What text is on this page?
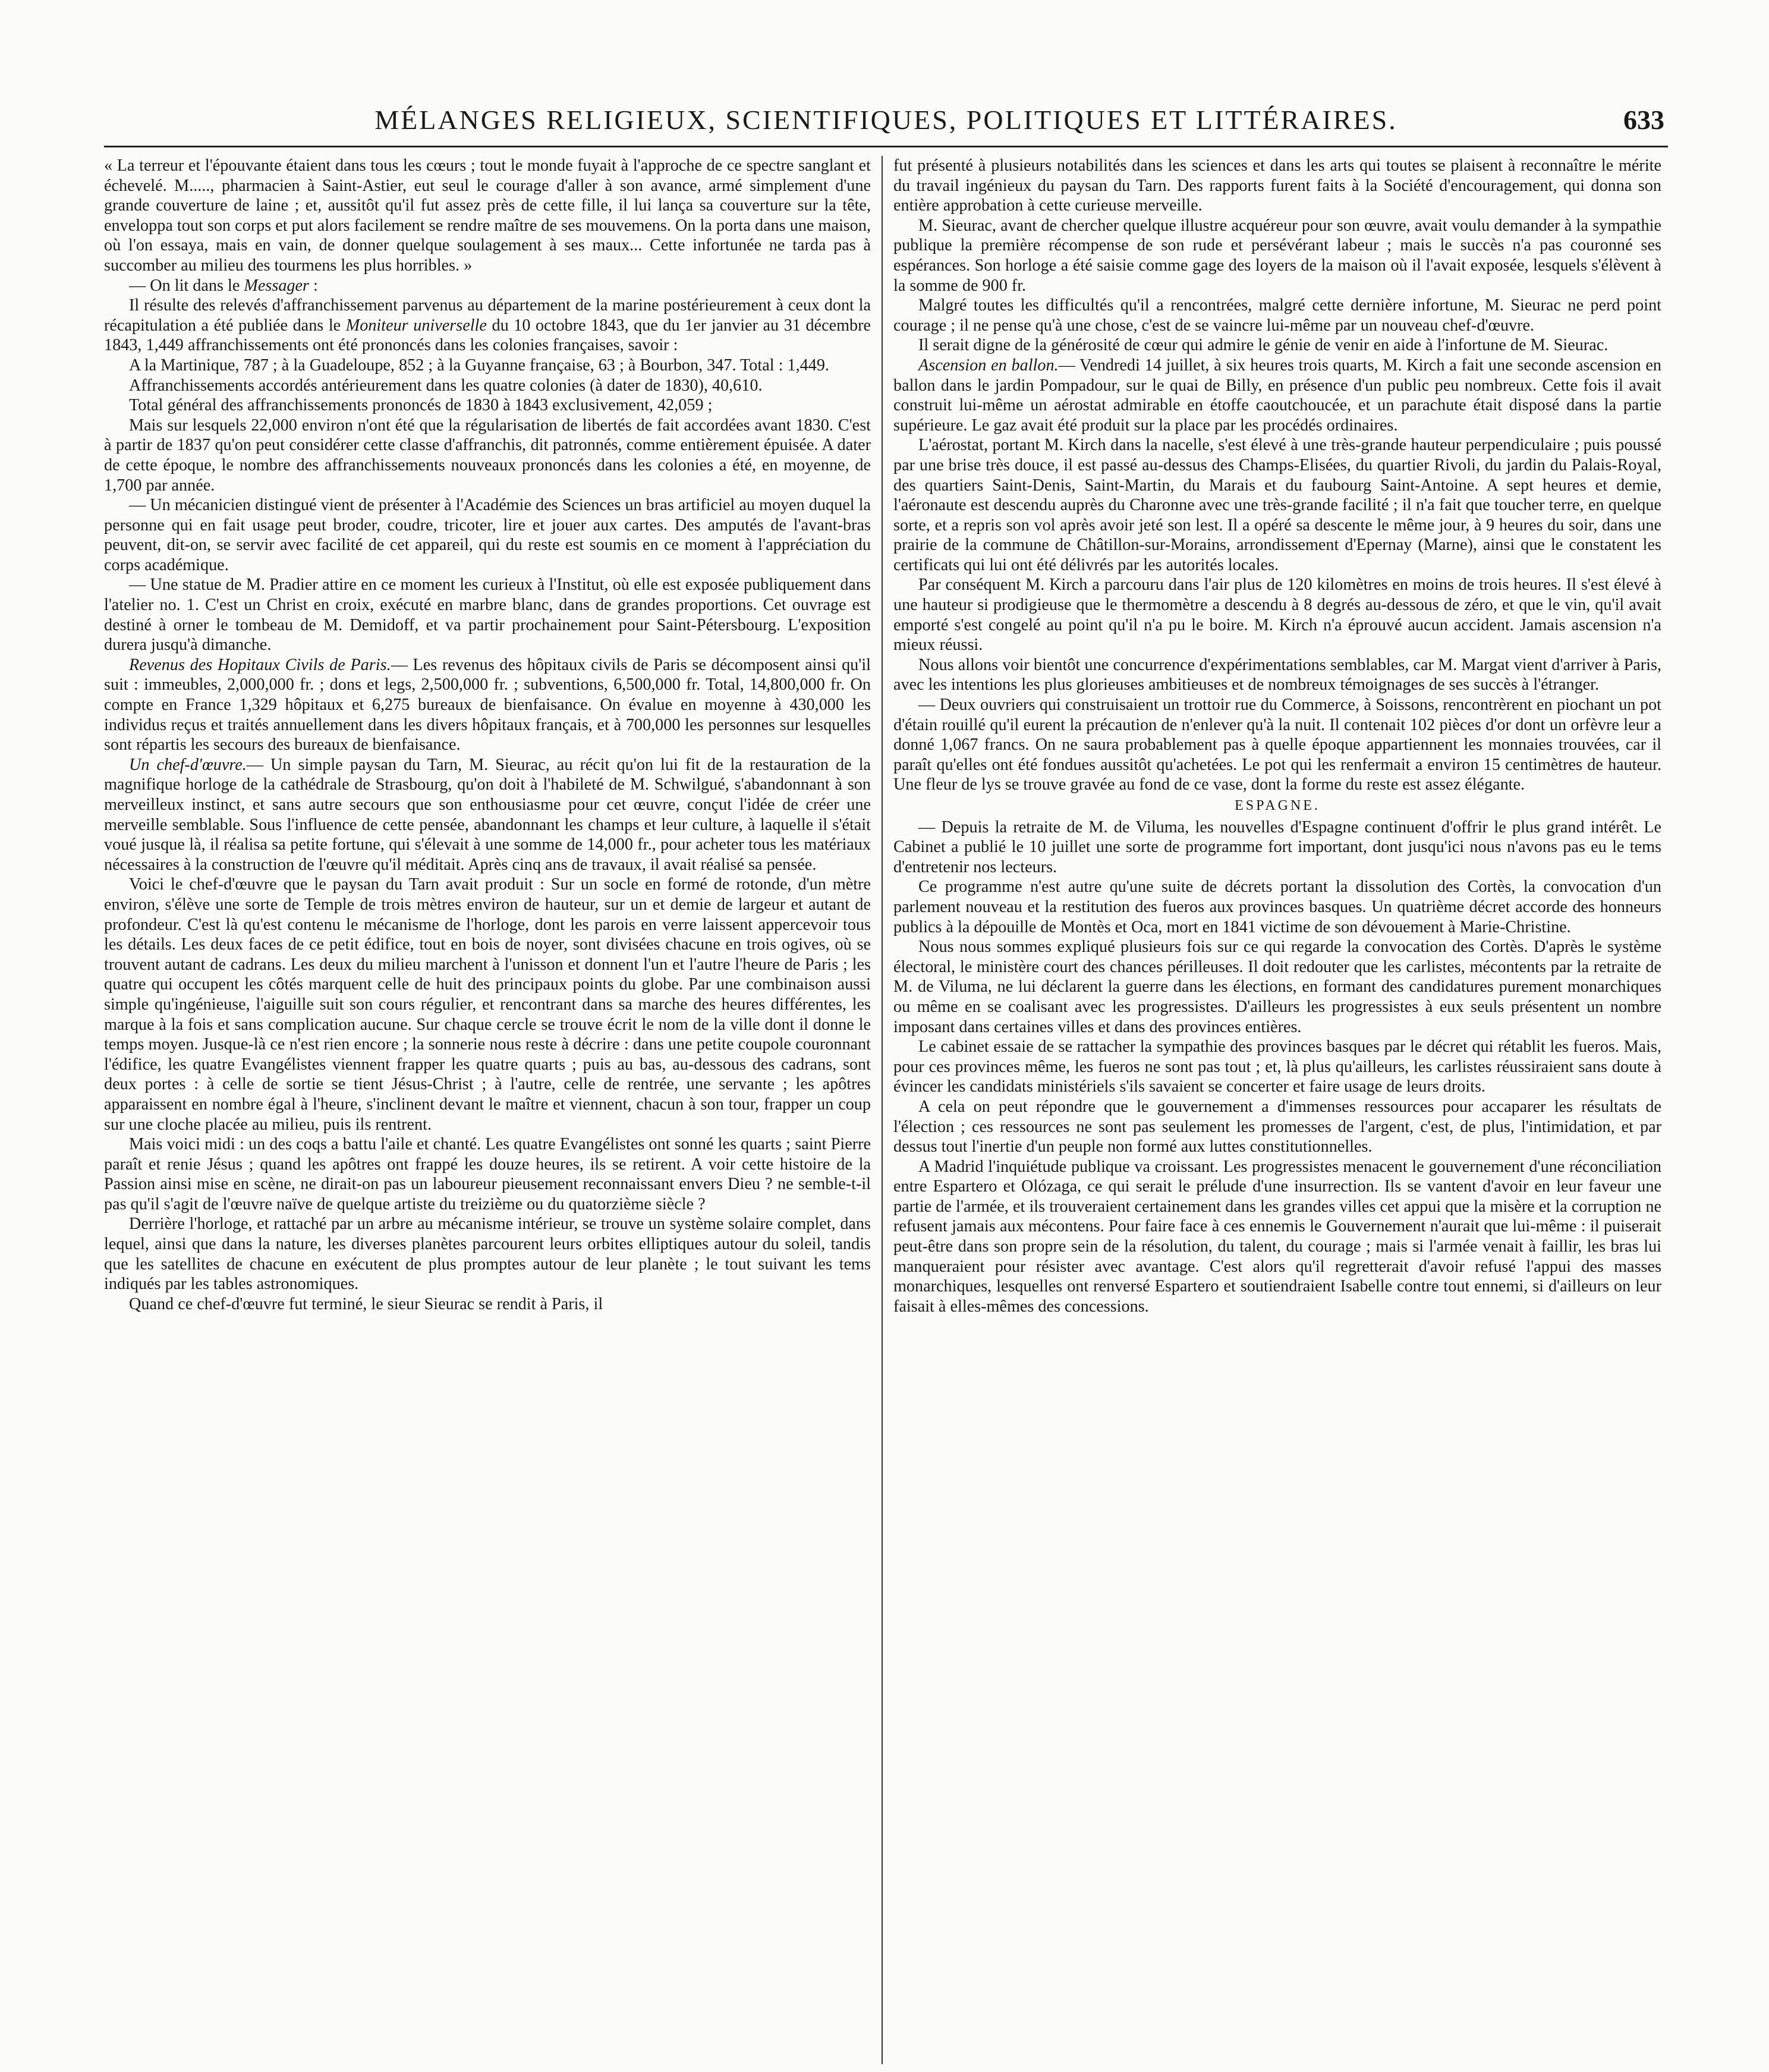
MÉLANGES RELIGIEUX, SCIENTIFIQUES, POLITIQUES ET LITTÉRAIRES.	633

« La terreur et l'épouvante étaient dans tous les cœurs ; tout le monde fuyait à l'approche de ce spectre sanglant et échevelé. M....., pharmacien à Saint-Astier, eut seul le courage d'aller à son avance, armé simplement d'une grande couverture de laine ; et, aussitôt qu'il fut assez près de cette fille, il lui lança sa couverture sur la tête, enveloppa tout son corps et put alors facilement se rendre maître de ses mouvemens. On la porta dans une maison, où l'on essaya, mais en vain, de donner quelque soulagement à ses maux... Cette infortunée ne tarda pas à succomber au milieu des tourmens les plus horribles. »

— On lit dans le Messager :

Il résulte des relevés d'affranchissement parvenus au département de la marine postérieurement à ceux dont la récapitulation a été publiée dans le Moniteur universelle du 10 octobre 1843, que du 1er janvier au 31 décembre 1843, 1,449 affranchissements ont été prononcés dans les colonies françaises, savoir :

A la Martinique, 787 ; à la Guadeloupe, 852 ; à la Guyanne française, 63 ; à Bourbon, 347. Total : 1,449.

Affranchissements accordés antérieurement dans les quatre colonies (à dater de 1830), 40,610.

Total général des affranchissements prononcés de 1830 à 1843 exclusivement, 42,059 ;

Mais sur lesquels 22,000 environ n'ont été que la régularisation de libertés de fait accordées avant 1830. C'est à partir de 1837 qu'on peut considérer cette classe d'affranchis, dit patronnés, comme entièrement épuisée. A dater de cette époque, le nombre des affranchissements nouveaux prononcés dans les colonies a été, en moyenne, de 1,700 par année.

— Un mécanicien distingué vient de présenter à l'Académie des Sciences un bras artificiel au moyen duquel la personne qui en fait usage peut broder, coudre, tricoter, lire et jouer aux cartes. Des amputés de l'avant-bras peuvent, dit-on, se servir avec facilité de cet appareil, qui du reste est soumis en ce moment à l'appréciation du corps académique.

— Une statue de M. Pradier attire en ce moment les curieux à l'Institut, où elle est exposée publiquement dans l'atelier no. 1. C'est un Christ en croix, exécuté en marbre blanc, dans de grandes proportions. Cet ouvrage est destiné à orner le tombeau de M. Demidoff, et va partir prochainement pour Saint-Pétersbourg. L'exposition durera jusqu'à dimanche.

Revenus des Hopitaux Civils de Paris.— Les revenus des hôpitaux civils de Paris se décomposent ainsi qu'il suit : immeubles, 2,000,000 fr. ; dons et legs, 2,500,000 fr. ; subventions, 6,500,000 fr. Total, 14,800,000 fr. On compte en France 1,329 hôpitaux et 6,275 bureaux de bienfaisance. On évalue en moyenne à 430,000 les individus reçus et traités annuellement dans les divers hôpitaux français, et à 700,000 les personnes sur lesquelles sont répartis les secours des bureaux de bienfaisance.

Un chef-d'œuvre.— Un simple paysan du Tarn, M. Sieurac, au récit qu'on lui fit de la restauration de la magnifique horloge de la cathédrale de Strasbourg, qu'on doit à l'habileté de M. Schwilgué, s'abandonnant à son merveilleux instinct, et sans autre secours que son enthousiasme pour cet œuvre, conçut l'idée de créer une merveille semblable. Sous l'influence de cette pensée, abandonnant les champs et leur culture, à laquelle il s'était voué jusque là, il réalisa sa petite fortune, qui s'élevait à une somme de 14,000 fr., pour acheter tous les matériaux nécessaires à la construction de l'œuvre qu'il méditait. Après cinq ans de travaux, il avait réalisé sa pensée.

Voici le chef-d'œuvre que le paysan du Tarn avait produit : Sur un socle en formé de rotonde, d'un mètre environ, s'élève une sorte de Temple de trois mètres environ de hauteur, sur un et demie de largeur et autant de profondeur. C'est là qu'est contenu le mécanisme de l'horloge, dont les parois en verre laissent appercevoir tous les détails. Les deux faces de ce petit édifice, tout en bois de noyer, sont divisées chacune en trois ogives, où se trouvent autant de cadrans. Les deux du milieu marchent à l'unisson et donnent l'un et l'autre l'heure de Paris ; les quatre qui occupent les côtés marquent celle de huit des principaux points du globe. Par une combinaison aussi simple qu'ingénieuse, l'aiguille suit son cours régulier, et rencontrant dans sa marche des heures différentes, les marque à la fois et sans complication aucune. Sur chaque cercle se trouve écrit le nom de la ville dont il donne le temps moyen. Jusque-là ce n'est rien encore ; la sonnerie nous reste à décrire : dans une petite coupole couronnant l'édifice, les quatre Evangélistes viennent frapper les quatre quarts ; puis au bas, au-dessous des cadrans, sont deux portes : à celle de sortie se tient Jésus-Christ ; à l'autre, celle de rentrée, une servante ; les apôtres apparaissent en nombre égal à l'heure, s'inclinent devant le maître et viennent, chacun à son tour, frapper un coup sur une cloche placée au milieu, puis ils rentrent.

Mais voici midi : un des coqs a battu l'aile et chanté. Les quatre Evangélistes ont sonné les quarts ; saint Pierre paraît et renie Jésus ; quand les apôtres ont frappé les douze heures, ils se retirent. A voir cette histoire de la Passion ainsi mise en scène, ne dirait-on pas un laboureur pieusement reconnaissant envers Dieu ? ne semble-t-il pas qu'il s'agit de l'œuvre naïve de quelque artiste du treizième ou du quatorzième siècle ?

Derrière l'horloge, et rattaché par un arbre au mécanisme intérieur, se trouve un système solaire complet, dans lequel, ainsi que dans la nature, les diverses planètes parcourent leurs orbites elliptiques autour du soleil, tandis que les satellites de chacune en exécutent de plus promptes autour de leur planète ; le tout suivant les tems indiqués par les tables astronomiques.

Quand ce chef-d'œuvre fut terminé, le sieur Sieurac se rendit à Paris, il

fut présenté à plusieurs notabilités dans les sciences et dans les arts qui toutes se plaisent à reconnaître le mérite du travail ingénieux du paysan du Tarn. Des rapports furent faits à la Société d'encouragement, qui donna son entière approbation à cette curieuse merveille.

M. Sieurac, avant de chercher quelque illustre acquéreur pour son œuvre, avait voulu demander à la sympathie publique la première récompense de son rude et persévérant labeur ; mais le succès n'a pas couronné ses espérances. Son horloge a été saisie comme gage des loyers de la maison où il l'avait exposée, lesquels s'élèvent à la somme de 900 fr.

Malgré toutes les difficultés qu'il a rencontrées, malgré cette dernière infortune, M. Sieurac ne perd point courage ; il ne pense qu'à une chose, c'est de se vaincre lui-même par un nouveau chef-d'œuvre.

Il serait digne de la générosité de cœur qui admire le génie de venir en aide à l'infortune de M. Sieurac.

Ascension en ballon.— Vendredi 14 juillet, à six heures trois quarts, M. Kirch a fait une seconde ascension en ballon dans le jardin Pompadour, sur le quai de Billy, en présence d'un public peu nombreux. Cette fois il avait construit lui-même un aérostat admirable en étoffe caoutchoucée, et un parachute était disposé dans la partie supérieure. Le gaz avait été produit sur la place par les procédés ordinaires.

L'aérostat, portant M. Kirch dans la nacelle, s'est élevé à une très-grande hauteur perpendiculaire ; puis poussé par une brise très douce, il est passé au-dessus des Champs-Elisées, du quartier Rivoli, du jardin du Palais-Royal, des quartiers Saint-Denis, Saint-Martin, du Marais et du faubourg Saint-Antoine. A sept heures et demie, l'aéronaute est descendu auprès du Charonne avec une très-grande facilité ; il n'a fait que toucher terre, en quelque sorte, et a repris son vol après avoir jeté son lest. Il a opéré sa descente le même jour, à 9 heures du soir, dans une prairie de la commune de Châtillon-sur-Morains, arrondissement d'Epernay (Marne), ainsi que le constatent les certificats qui lui ont été délivrés par les autorités locales.

Par conséquent M. Kirch a parcouru dans l'air plus de 120 kilomètres en moins de trois heures. Il s'est élevé à une hauteur si prodigieuse que le thermomètre a descendu à 8 degrés au-dessous de zéro, et que le vin, qu'il avait emporté s'est congelé au point qu'il n'a pu le boire. M. Kirch n'a éprouvé aucun accident. Jamais ascension n'a mieux réussi.

Nous allons voir bientôt une concurrence d'expérimentations semblables, car M. Margat vient d'arriver à Paris, avec les intentions les plus glorieuses ambitieuses et de nombreux témoignages de ses succès à l'étranger.

— Deux ouvriers qui construisaient un trottoir rue du Commerce, à Soissons, rencontrèrent en piochant un pot d'étain rouillé qu'il eurent la précaution de n'enlever qu'à la nuit. Il contenait 102 pièces d'or dont un orfèvre leur a donné 1,067 francs. On ne saura probablement pas à quelle époque appartiennent les monnaies trouvées, car il paraît qu'elles ont été fondues aussitôt qu'achetées. Le pot qui les renfermait a environ 15 centimètres de hauteur. Une fleur de lys se trouve gravée au fond de ce vase, dont la forme du reste est assez élégante.

ESPAGNE.

— Depuis la retraite de M. de Viluma, les nouvelles d'Espagne continuent d'offrir le plus grand intérêt. Le Cabinet a publié le 10 juillet une sorte de programme fort important, dont jusqu'ici nous n'avons pas eu le tems d'entretenir nos lecteurs.

Ce programme n'est autre qu'une suite de décrets portant la dissolution des Cortès, la convocation d'un parlement nouveau et la restitution des fueros aux provinces basques. Un quatrième décret accorde des honneurs publics à la dépouille de Montès et Oca, mort en 1841 victime de son dévouement à Marie-Christine.

Nous nous sommes expliqué plusieurs fois sur ce qui regarde la convocation des Cortès. D'après le système électoral, le ministère court des chances périlleuses. Il doit redouter que les carlistes, mécontents par la retraite de M. de Viluma, ne lui déclarent la guerre dans les élections, en formant des candidatures purement monarchiques ou même en se coalisant avec les progressistes. D'ailleurs les progressistes à eux seuls présentent un nombre imposant dans certaines villes et dans des provinces entières.

Le cabinet essaie de se rattacher la sympathie des provinces basques par le décret qui rétablit les fueros. Mais, pour ces provinces même, les fueros ne sont pas tout ; et, là plus qu'ailleurs, les carlistes réussiraient sans doute à évincer les candidats ministériels s'ils savaient se concerter et faire usage de leurs droits.

A cela on peut répondre que le gouvernement a d'immenses ressources pour accaparer les résultats de l'élection ; ces ressources ne sont pas seulement les promesses de l'argent, c'est, de plus, l'intimidation, et par dessus tout l'inertie d'un peuple non formé aux luttes constitutionnelles.

A Madrid l'inquiétude publique va croissant. Les progressistes menacent le gouvernement d'une réconciliation entre Espartero et Olózaga, ce qui serait le prélude d'une insurrection. Ils se vantent d'avoir en leur faveur une partie de l'armée, et ils trouveraient certainement dans les grandes villes cet appui que la misère et la corruption ne refusent jamais aux mécontens. Pour faire face à ces ennemis le Gouvernement n'aurait que lui-même : il puiserait peut-être dans son propre sein de la résolution, du talent, du courage ; mais si l'armée venait à faillir, les bras lui manqueraient pour résister avec avantage. C'est alors qu'il regretterait d'avoir refusé l'appui des masses monarchiques, lesquelles ont renversé Espartero et soutiendraient Isabelle contre tout ennemi, si d'ailleurs on leur faisait à elles-mêmes des concessions.
